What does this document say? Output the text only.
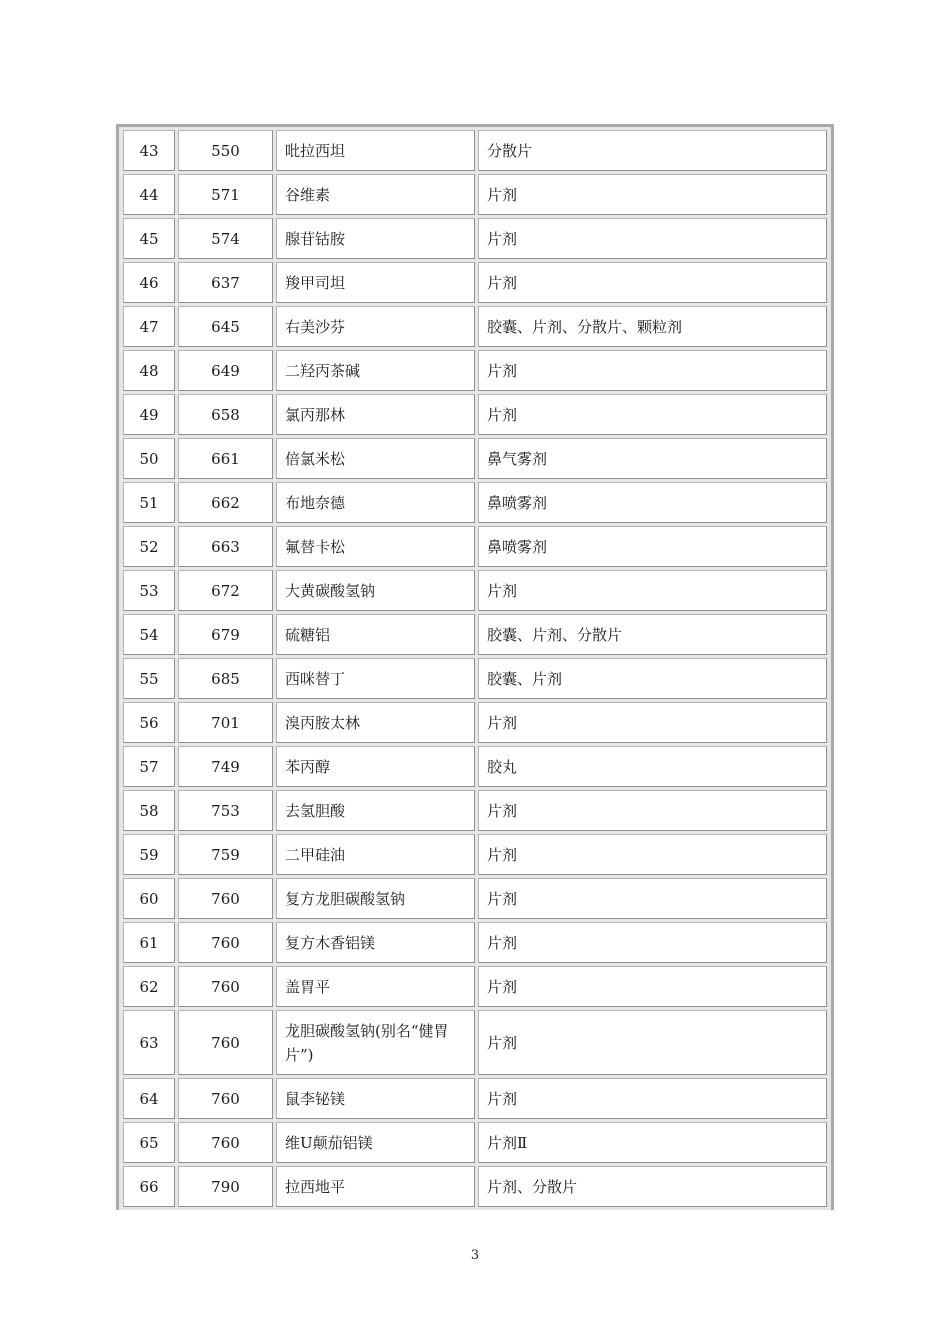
43	550	吡拉西坦	分散片
44	571	谷维素	片剂
45	574	腺苷钴胺	片剂
46	637	羧甲司坦	片剂
47	645	右美沙芬	胶囊、片剂、分散片、颗粒剂
48	649	二羟丙茶碱	片剂
49	658	氯丙那林	片剂
50	661	倍氯米松	鼻气雾剂
51	662	布地奈德	鼻喷雾剂
52	663	氟替卡松	鼻喷雾剂
53	672	大黄碳酸氢钠	片剂
54	679	硫糖铝	胶囊、片剂、分散片
55	685	西咪替丁	胶囊、片剂
56	701	溴丙胺太林	片剂
57	749	苯丙醇	胶丸
58	753	去氢胆酸	片剂
59	759	二甲硅油	片剂
60	760	复方龙胆碳酸氢钠	片剂
61	760	复方木香铝镁	片剂
62	760	盖胃平	片剂
63	760	龙胆碳酸氢钠(别名“健胃片”)	片剂
64	760	鼠李铋镁	片剂
65	760	维U颠茄铝镁	片剂Ⅱ
66	790	拉西地平	片剂、分散片
3
